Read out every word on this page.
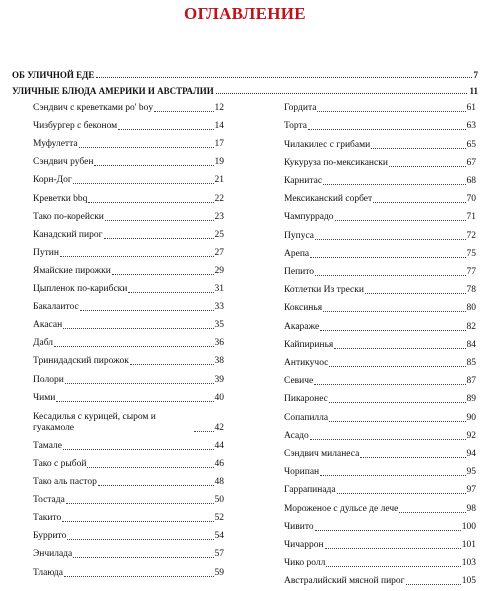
ОГЛАВЛЕНИЕ
ОБ УЛИЧНОЙ ЕДЕ	7
УЛИЧНЫЕ БЛЮДА АМЕРИКИ И АВСТРАЛИИ	11
Сэндвич с креветками po' boy	12
Чизбургер с беконом	14
Муфулетта	17
Сэндвич рубен	19
Корн-Дог	21
Креветки bbq	22
Тако по-корейски	23
Канадский пирог	25
Путин	27
Ямайские пирожки	29
Цыпленок по-карибски	31
Бакалаитос	33
Акасан	35
Дабл	36
Тринидадский пирожок	38
Полори	39
Чими	40
Кесадилья с курицей, сыром и гуакамоле	42
Тамале	44
Тако с рыбой	46
Тако аль пастор	48
Тостада	50
Такито	52
Буррито	54
Энчилада	57
Тлаюда	59
Гордита	61
Торта	63
Чилакилес с грибами	65
Кукуруза по-мексикански	67
Карнитас	68
Мексиканский сорбет	70
Чампуррадо	71
Пупуса	72
Арепа	75
Пепито	77
Котлетки Из трески	78
Коксинья	80
Акараже	82
Кайпиринья	84
Антикучос	85
Севиче	87
Пикаронес	89
Сопапилла	90
Асадо	92
Сэндвич миланеса	94
Чорипан	95
Гаррапинада	97
Мороженое с дульсе де лече	98
Чивито	100
Чичаррон	101
Чико ролл	103
Австралийский мясной пирог	105
